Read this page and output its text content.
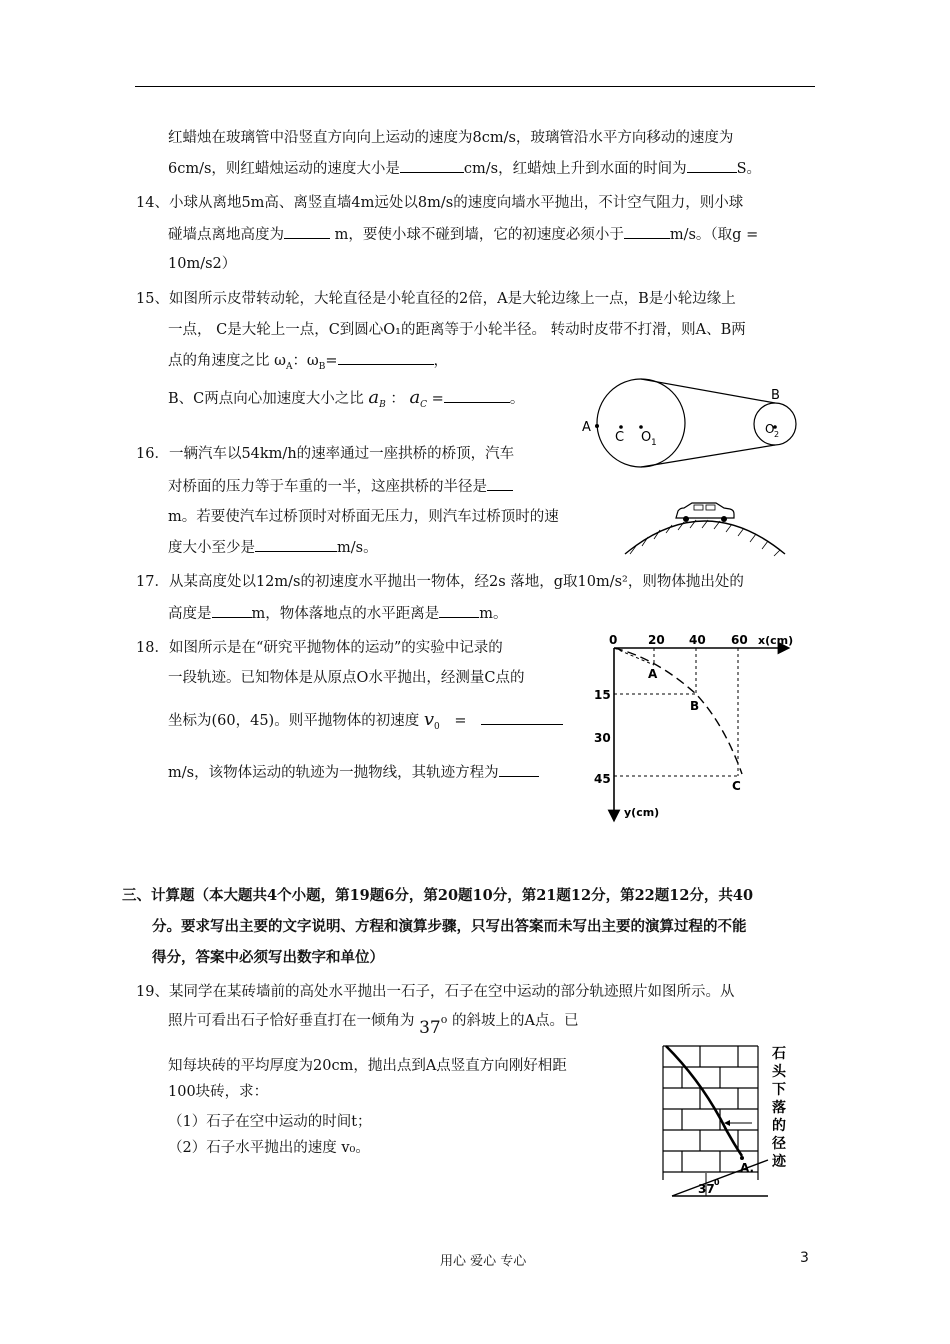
红蜡烛在玻璃管中沿竖直方向向上运动的速度为8cm/s，玻璃管沿水平方向移动的速度为
6cm/s，则红蜡烛运动的速度大小是	cm/s，红蜡烛上升到水面的时间为	S。
14、小球从离地5m高、离竖直墙4m远处以8m/s的速度向墙水平抛出，不计空气阻力，则小球
碰墙点离地高度为	m，要使小球不碰到墙，它的初速度必须小于	m/s。（取g =
10m/s2）
15、如图所示皮带转动轮，大轮直径是小轮直径的2倍，A是大轮边缘上一点，B是小轮边缘上
一点， C是大轮上一点，C到圆心O₁的距离等于小轮半径。 转动时皮带不打滑，则A、B两
点的角速度之比 $\omega_A$：$\omega_B=$	，
B、C两点向心加速度大小之比 $a_B$ ： $a_C$ =	。
A
C O 1
B
O 2
16．一辆汽车以54km/h的速率通过一座拱桥的桥顶，汽车
对桥面的压力等于车重的一半，这座拱桥的半径是
m。若要使汽车过桥顶时对桥面无压力，则汽车过桥顶时的速
度大小至少是	m/s。
17．从某高度处以12m/s的初速度水平抛出一物体，经2s 落地，g取10m/s²，则物体抛出处的
高度是	m，物体落地点的水平距离是	m。
18．如图所示是在“研究平抛物体的运动”的实验中记录的
一段轨迹。已知物体是从原点O水平抛出，经测量C点的
坐标为(60，45)。则平抛物体的初速度 $v_0$ =
m/s，该物体运动的轨迹为一抛物线，其轨迹方程为
0	20 40 60 x(cm)
15
30
45
y(cm)
A
B
C
三、计算题（本大题共4个小题，第19题6分，第20题10分，第21题12分，第22题12分，共40
分。要求写出主要的文字说明、方程和演算步骤，只写出答案而未写出主要的演算过程的不能
得分，答案中必须写出数字和单位）
19、某同学在某砖墙前的高处水平抛出一石子，石子在空中运动的部分轨迹照片如图所示。从
照片可看出石子恰好垂直打在一倾角为 37o 的斜坡上的A点。已
知每块砖的平均厚度为20cm，抛出点到A点竖直方向刚好相距
100块砖，求：
（1）石子在空中运动的时间t；
（2）石子水平抛出的速度 v₀。
A.
37 0
石
头
下
落
的
径
迹
用心 爱心 专心	3
